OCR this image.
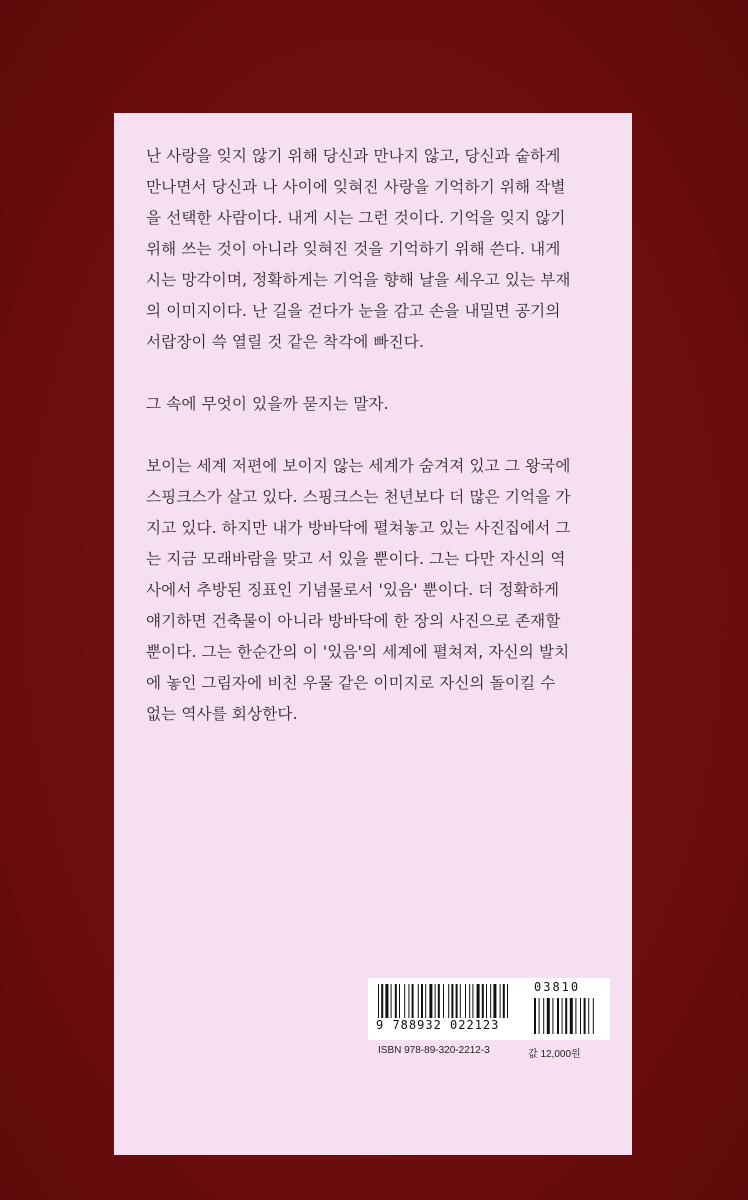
난 사랑을 잊지 않기 위해 당신과 만나지 않고, 당신과 숱하게
만나면서 당신과 나 사이에 잊혀진 사랑을 기억하기 위해 작별
을 선택한 사람이다. 내게 시는 그런 것이다. 기억을 잊지 않기
위해 쓰는 것이 아니라 잊혀진 것을 기억하기 위해 쓴다. 내게
시는 망각이며, 정확하게는 기억을 향해 날을 세우고 있는 부재
의 이미지이다. 난 길을 걷다가 눈을 감고 손을 내밀면 공기의
서랍장이 쓱 열릴 것 같은 착각에 빠진다.

그 속에 무엇이 있을까 묻지는 말자.

보이는 세계 저편에 보이지 않는 세계가 숨겨져 있고 그 왕국에
스핑크스가 살고 있다. 스핑크스는 천년보다 더 많은 기억을 가
지고 있다. 하지만 내가 방바닥에 펼쳐놓고 있는 사진집에서 그
는 지금 모래바람을 맞고 서 있을 뿐이다. 그는 다만 자신의 역
사에서 추방된 징표인 기념물로서 '있음' 뿐이다. 더 정확하게
얘기하면 건축물이 아니라 방바닥에 한 장의 사진으로 존재할
뿐이다. 그는 한순간의 이 '있음'의 세계에 펼쳐져, 자신의 발치
에 놓인 그림자에 비친 우물 같은 이미지로 자신의 돌이킬 수
없는 역사를 회상한다.

9 788932 022123
03810
ISBN 978-89-320-2212-3	값 12,000원
